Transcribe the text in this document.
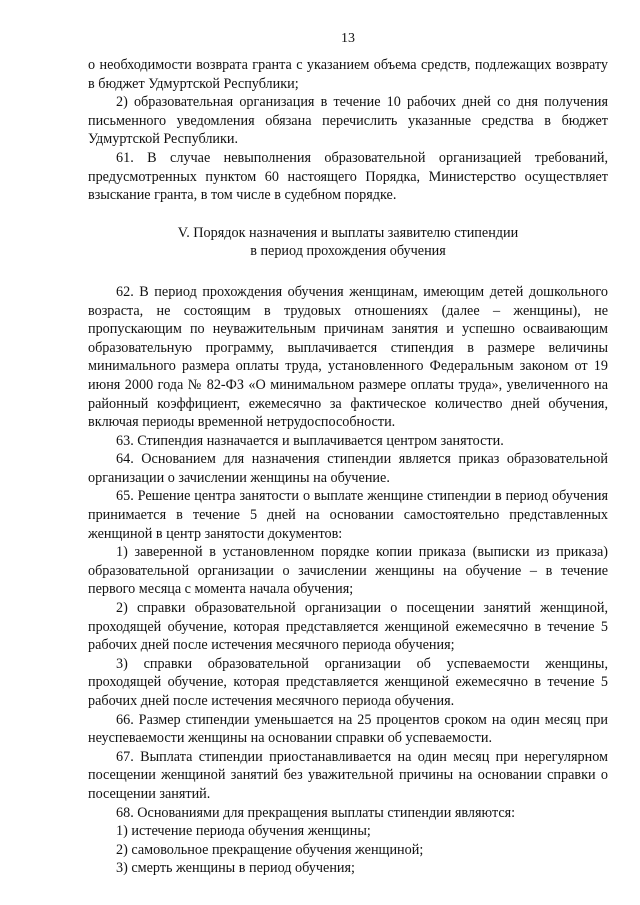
13

о необходимости возврата гранта с указанием объема средств, подлежащих возврату в бюджет Удмуртской Республики;

2) образовательная организация в течение 10 рабочих дней со дня получения письменного уведомления обязана перечислить указанные средства в бюджет Удмуртской Республики.

61. В случае невыполнения образовательной организацией требований, предусмотренных пунктом 60 настоящего Порядка, Министерство осуществляет взыскание гранта, в том числе в судебном порядке.

V. Порядок назначения и выплаты заявителю стипендии
в период прохождения обучения

62. В период прохождения обучения женщинам, имеющим детей дошкольного возраста, не состоящим в трудовых отношениях (далее – женщины), не пропускающим по неуважительным причинам занятия и успешно осваивающим образовательную программу, выплачивается стипендия в размере величины минимального размера оплаты труда, установленного Федеральным законом от 19 июня 2000 года № 82-ФЗ «О минимальном размере оплаты труда», увеличенного на районный коэффициент, ежемесячно за фактическое количество дней обучения, включая периоды временной нетрудоспособности.

63. Стипендия назначается и выплачивается центром занятости.

64. Основанием для назначения стипендии является приказ образовательной организации о зачислении женщины на обучение.

65. Решение центра занятости о выплате женщине стипендии в период обучения принимается в течение 5 дней на основании самостоятельно представленных женщиной в центр занятости документов:

1) заверенной в установленном порядке копии приказа (выписки из приказа) образовательной организации о зачислении женщины на обучение – в течение первого месяца с момента начала обучения;

2) справки образовательной организации о посещении занятий женщиной, проходящей обучение, которая представляется женщиной ежемесячно в течение 5 рабочих дней после истечения месячного периода обучения;

3) справки образовательной организации об успеваемости женщины, проходящей обучение, которая представляется женщиной ежемесячно в течение 5 рабочих дней после истечения месячного периода обучения.

66. Размер стипендии уменьшается на 25 процентов сроком на один месяц при неуспеваемости женщины на основании справки об успеваемости.

67. Выплата стипендии приостанавливается на один месяц при нерегулярном посещении женщиной занятий без уважительной причины на основании справки о посещении занятий.

68. Основаниями для прекращения выплаты стипендии являются:

1) истечение периода обучения женщины;

2) самовольное прекращение обучения женщиной;

3) смерть женщины в период обучения;
